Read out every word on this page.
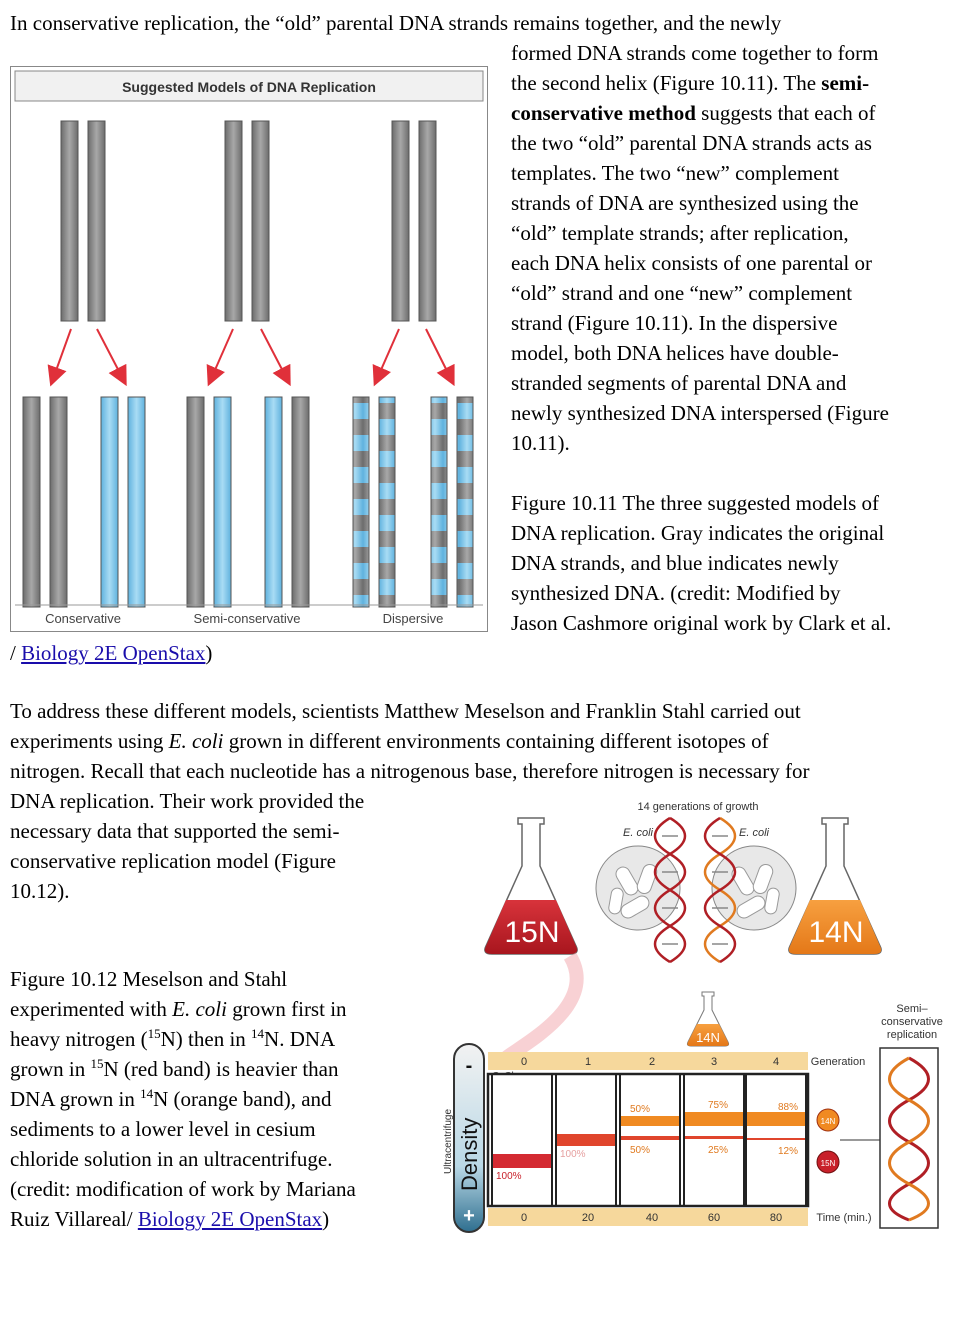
In conservative replication, the “old” parental DNA strands remains together, and the newly
formed DNA strands come together to form
the second helix (Figure 10.11). The semi-
conservative method suggests that each of
the two “old” parental DNA strands acts as
templates. The two “new” complement
strands of DNA are synthesized using the
“old” template strands; after replication,
each DNA helix consists of one parental or
“old” strand and one “new” complement
strand (Figure 10.11). In the dispersive
model, both DNA helices have double-
stranded segments of parental DNA and
newly synthesized DNA interspersed (Figure
10.11).
Figure 10.11 The three suggested models of
DNA replication. Gray indicates the original
DNA strands, and blue indicates newly
synthesized DNA. (credit: Modified by
Jason Cashmore original work by Clark et al.
/ Biology 2E OpenStax)
Suggested Models of DNA Replication
Conservative	Semi-conservative	Dispersive
To address these different models, scientists Matthew Meselson and Franklin Stahl carried out
experiments using E. coli grown in different environments containing different isotopes of
nitrogen. Recall that each nucleotide has a nitrogenous base, therefore nitrogen is necessary for
DNA replication. Their work provided the
necessary data that supported the semi-
conservative replication model (Figure
10.12).
Figure 10.12 Meselson and Stahl
experimented with E. coli grown first in
heavy nitrogen ($^{15}$N) then in $^{14}$N. DNA
grown in $^{15}$N (red band) is heavier than
DNA grown in $^{14}$N (orange band), and
sediments to a lower level in cesium
chloride solution in an ultracentrifuge.
(credit: modification of work by Mariana
Ruiz Villareal/ Biology 2E OpenStax)
14 generations of growth
E. coli	E. coli
15N	14N
14N
Semi–
conservative
replication
0	1	2	3	4	Generation
-
+
Density
Ultracentrifuge
100%
100%
50%
50%
75%
25%
88%
12%
14N
15N
0	20	40	60	80	Time (min.)
